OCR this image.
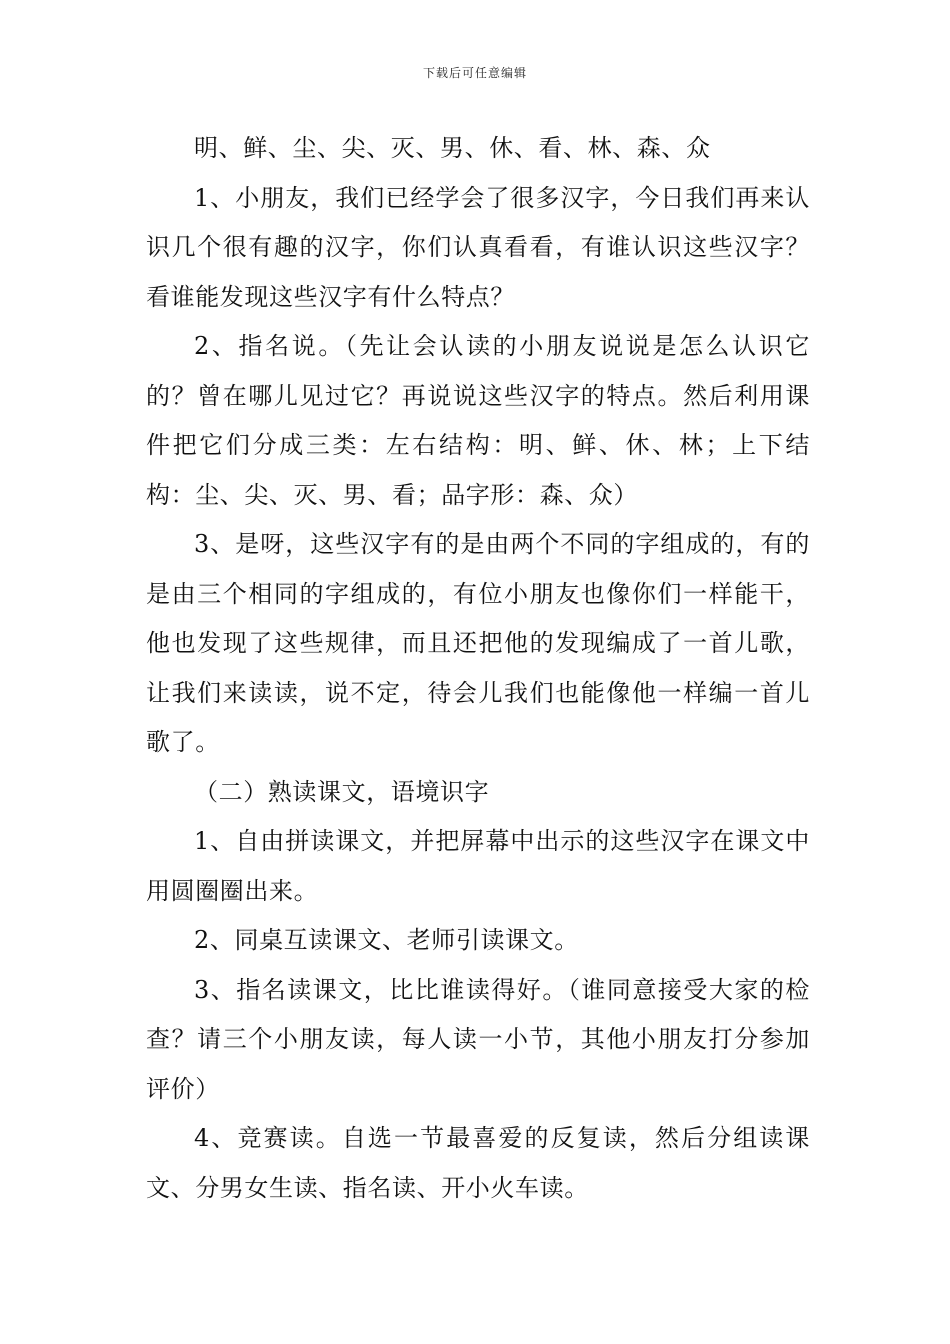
下载后可任意编辑

明、鲜、尘、尖、灭、男、休、看、林、森、众

1、小朋友，我们已经学会了很多汉字，今日我们再来认识几个很有趣的汉字，你们认真看看，有谁认识这些汉字？看谁能发现这些汉字有什么特点？

2、指名说。（先让会认读的小朋友说说是怎么认识它的？曾在哪儿见过它？再说说这些汉字的特点。然后利用课件把它们分成三类：左右结构：明、鲜、休、林；上下结构：尘、尖、灭、男、看；品字形：森、众）

3、是呀，这些汉字有的是由两个不同的字组成的，有的是由三个相同的字组成的，有位小朋友也像你们一样能干，他也发现了这些规律，而且还把他的发现编成了一首儿歌，让我们来读读，说不定，待会儿我们也能像他一样编一首儿歌了。

（二）熟读课文，语境识字

1、自由拼读课文，并把屏幕中出示的这些汉字在课文中用圆圈圈出来。

2、同桌互读课文、老师引读课文。

3、指名读课文，比比谁读得好。（谁同意接受大家的检查？请三个小朋友读，每人读一小节，其他小朋友打分参加评价）

4、竞赛读。自选一节最喜爱的反复读，然后分组读课文、分男女生读、指名读、开小火车读。
